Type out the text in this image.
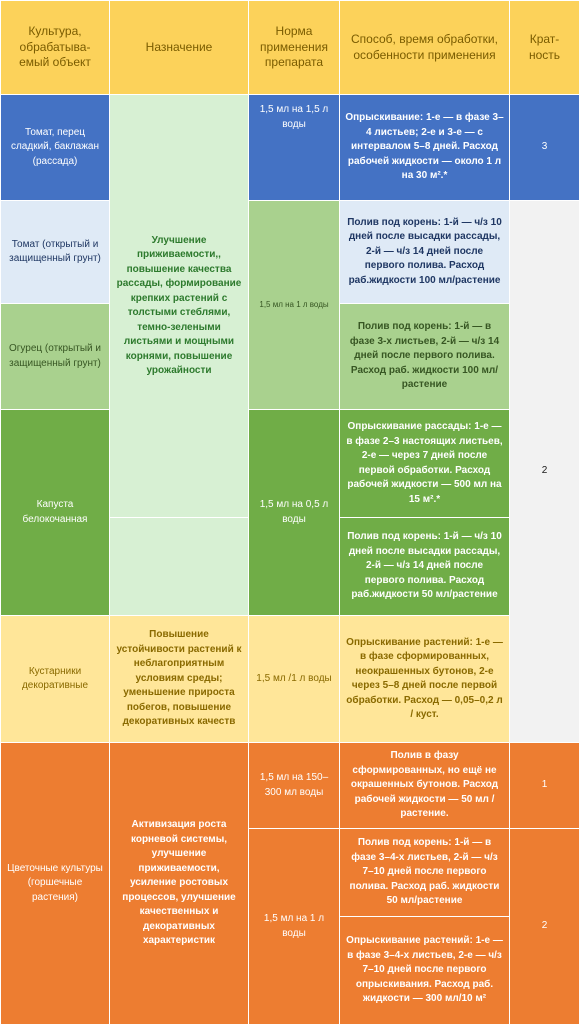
Культура, обрабатыва-емый объект	Назначение	Норма применения препарата	Способ, время обработки, особенности применения	Крат-ность
Томат, перец сладкий, баклажан (рассада)	Улучшение приживаемости,, повышение качества рассады, формирование крепких растений с толстыми стеблями, темно-зелеными листьями и мощными корнями, повышение урожайности	1,5 мл на 1,5 л воды	Опрыскивание: 1-е — в фазе 3–4 листьев; 2-е и 3-е — с интервалом 5–8 дней. Расход рабочей жидкости — около 1 л на 30 м².*	3
Томат (открытый и защищенный грунт)		1,5 мл на 1 л воды	Полив под корень: 1-й — ч/з 10 дней после высадки рассады, 2-й — ч/з 14 дней после первого полива. Расход раб.жидкости 100 мл/растение	2
Огурец (открытый и защищенный грунт)			Полив под корень: 1-й — в фазе 3-х листьев, 2-й — ч/з 14 дней после первого полива. Расход раб. жидкости 100 мл/растение	
Капуста белокочанная		1,5 мл на 0,5 л воды	Опрыскивание рассады: 1-е — в фазе 2–3 настоящих листьев, 2-е — через 7 дней после первой обработки. Расход рабочей жидкости — 500 мл на 15 м².*	
			Полив под корень: 1-й — ч/з 10 дней после высадки рассады, 2-й — ч/з 14 дней после первого полива. Расход раб.жидкости 50 мл/растение	
Кустарники декоративные	Повышение устойчивости растений к неблагоприятным условиям среды; уменьшение прироста побегов, повышение декоративных качеств	1,5 мл /1 л воды	Опрыскивание растений: 1-е — в фазе сформированных, неокрашенных бутонов, 2-е через 5–8 дней после первой обработки. Расход — 0,05–0,2 л / куст.	
Цветочные культуры (горшечные растения)	Активизация роста корневой системы, улучшение приживаемости, усиление ростовых процессов, улучшение качественных и декоративных характеристик	1,5 мл на 150–300 мл воды	Полив в фазу сформированных, но ещё не окрашенных бутонов. Расход рабочей жидкости — 50 мл / растение.	1
		1,5 мл на 1 л воды	Полив под корень: 1-й — в фазе 3–4-х листьев, 2-й — ч/з 7–10 дней после первого полива. Расход раб. жидкости 50 мл/растение	2
			Опрыскивание растений: 1-е — в фазе 3–4-х листьев, 2-е — ч/з 7–10 дней после первого опрыскивания. Расход раб. жидкости — 300 мл/10 м²	
